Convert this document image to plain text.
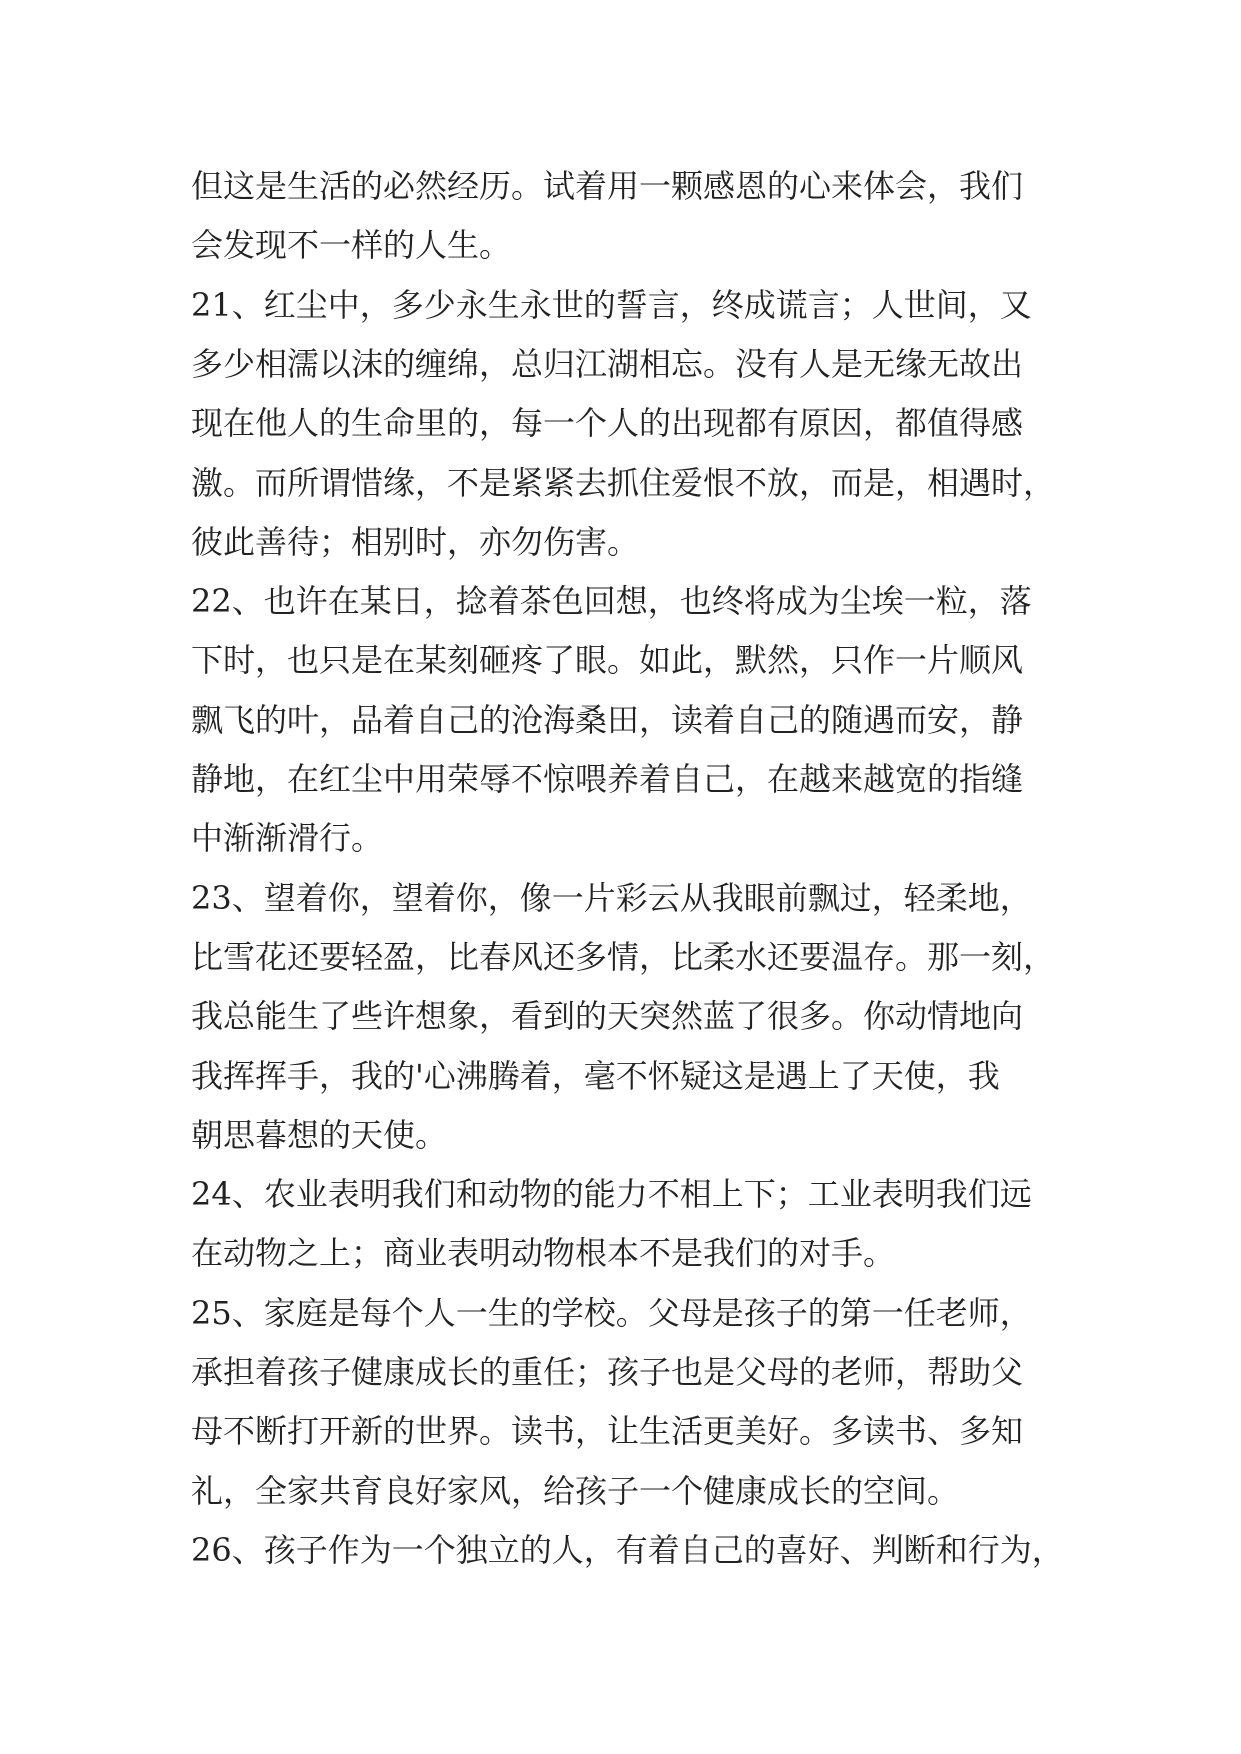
但这是生活的必然经历。试着用一颗感恩的心来体会，我们
会发现不一样的人生。
21、红尘中，多少永生永世的誓言，终成谎言；人世间，又
多少相濡以沫的缠绵，总归江湖相忘。没有人是无缘无故出
现在他人的生命里的，每一个人的出现都有原因，都值得感
激。而所谓惜缘，不是紧紧去抓住爱恨不放，而是，相遇时，
彼此善待；相别时，亦勿伤害。
22、也许在某日，捻着茶色回想，也终将成为尘埃一粒，落
下时，也只是在某刻砸疼了眼。如此，默然，只作一片顺风
飘飞的叶，品着自己的沧海桑田，读着自己的随遇而安，静
静地，在红尘中用荣辱不惊喂养着自己，在越来越宽的指缝
中渐渐滑行。
23、望着你，望着你，像一片彩云从我眼前飘过，轻柔地，
比雪花还要轻盈，比春风还多情，比柔水还要温存。那一刻，
我总能生了些许想象，看到的天突然蓝了很多。你动情地向
我挥挥手，我的'心沸腾着，毫不怀疑这是遇上了天使，我
朝思暮想的天使。
24、农业表明我们和动物的能力不相上下；工业表明我们远
在动物之上；商业表明动物根本不是我们的对手。
25、家庭是每个人一生的学校。父母是孩子的第一任老师，
承担着孩子健康成长的重任；孩子也是父母的老师，帮助父
母不断打开新的世界。读书，让生活更美好。多读书、多知
礼，全家共育良好家风，给孩子一个健康成长的空间。
26、孩子作为一个独立的人，有着自己的喜好、判断和行为，
